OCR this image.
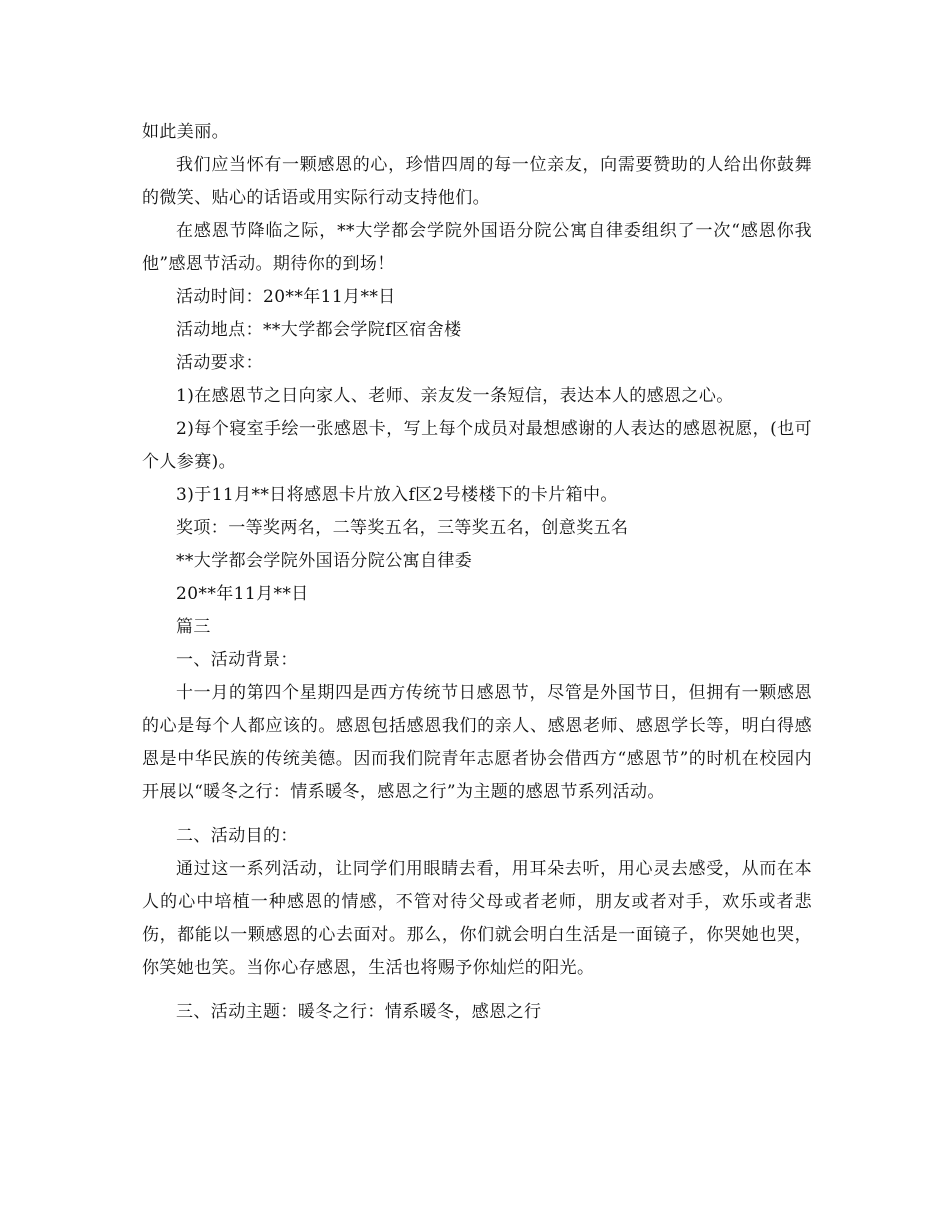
如此美丽。

我们应当怀有一颗感恩的心，珍惜四周的每一位亲友，向需要赞助的人给出你鼓舞的微笑、贴心的话语或用实际行动支持他们。

在感恩节降临之际，**大学都会学院外国语分院公寓自律委组织了一次“感恩你我他”感恩节活动。期待你的到场！

活动时间：20**年11月**日

活动地点：**大学都会学院f区宿舍楼

活动要求：

1)在感恩节之日向家人、老师、亲友发一条短信，表达本人的感恩之心。

2)每个寝室手绘一张感恩卡，写上每个成员对最想感谢的人表达的感恩祝愿，(也可个人参赛)。

3)于11月**日将感恩卡片放入f区2号楼楼下的卡片箱中。

奖项：一等奖两名，二等奖五名，三等奖五名，创意奖五名

**大学都会学院外国语分院公寓自律委

20**年11月**日

篇三

一、活动背景：

十一月的第四个星期四是西方传统节日感恩节，尽管是外国节日，但拥有一颗感恩的心是每个人都应该的。感恩包括感恩我们的亲人、感恩老师、感恩学长等，明白得感恩是中华民族的传统美德。因而我们院青年志愿者协会借西方“感恩节”的时机在校园内开展以“暖冬之行：情系暖冬，感恩之行”为主题的感恩节系列活动。

二、活动目的：

通过这一系列活动，让同学们用眼睛去看，用耳朵去听，用心灵去感受，从而在本人的心中培植一种感恩的情感，不管对待父母或者老师，朋友或者对手，欢乐或者悲伤，都能以一颗感恩的心去面对。那么，你们就会明白生活是一面镜子，你哭她也哭，你笑她也笑。当你心存感恩，生活也将赐予你灿烂的阳光。

三、活动主题：暖冬之行：情系暖冬，感恩之行
